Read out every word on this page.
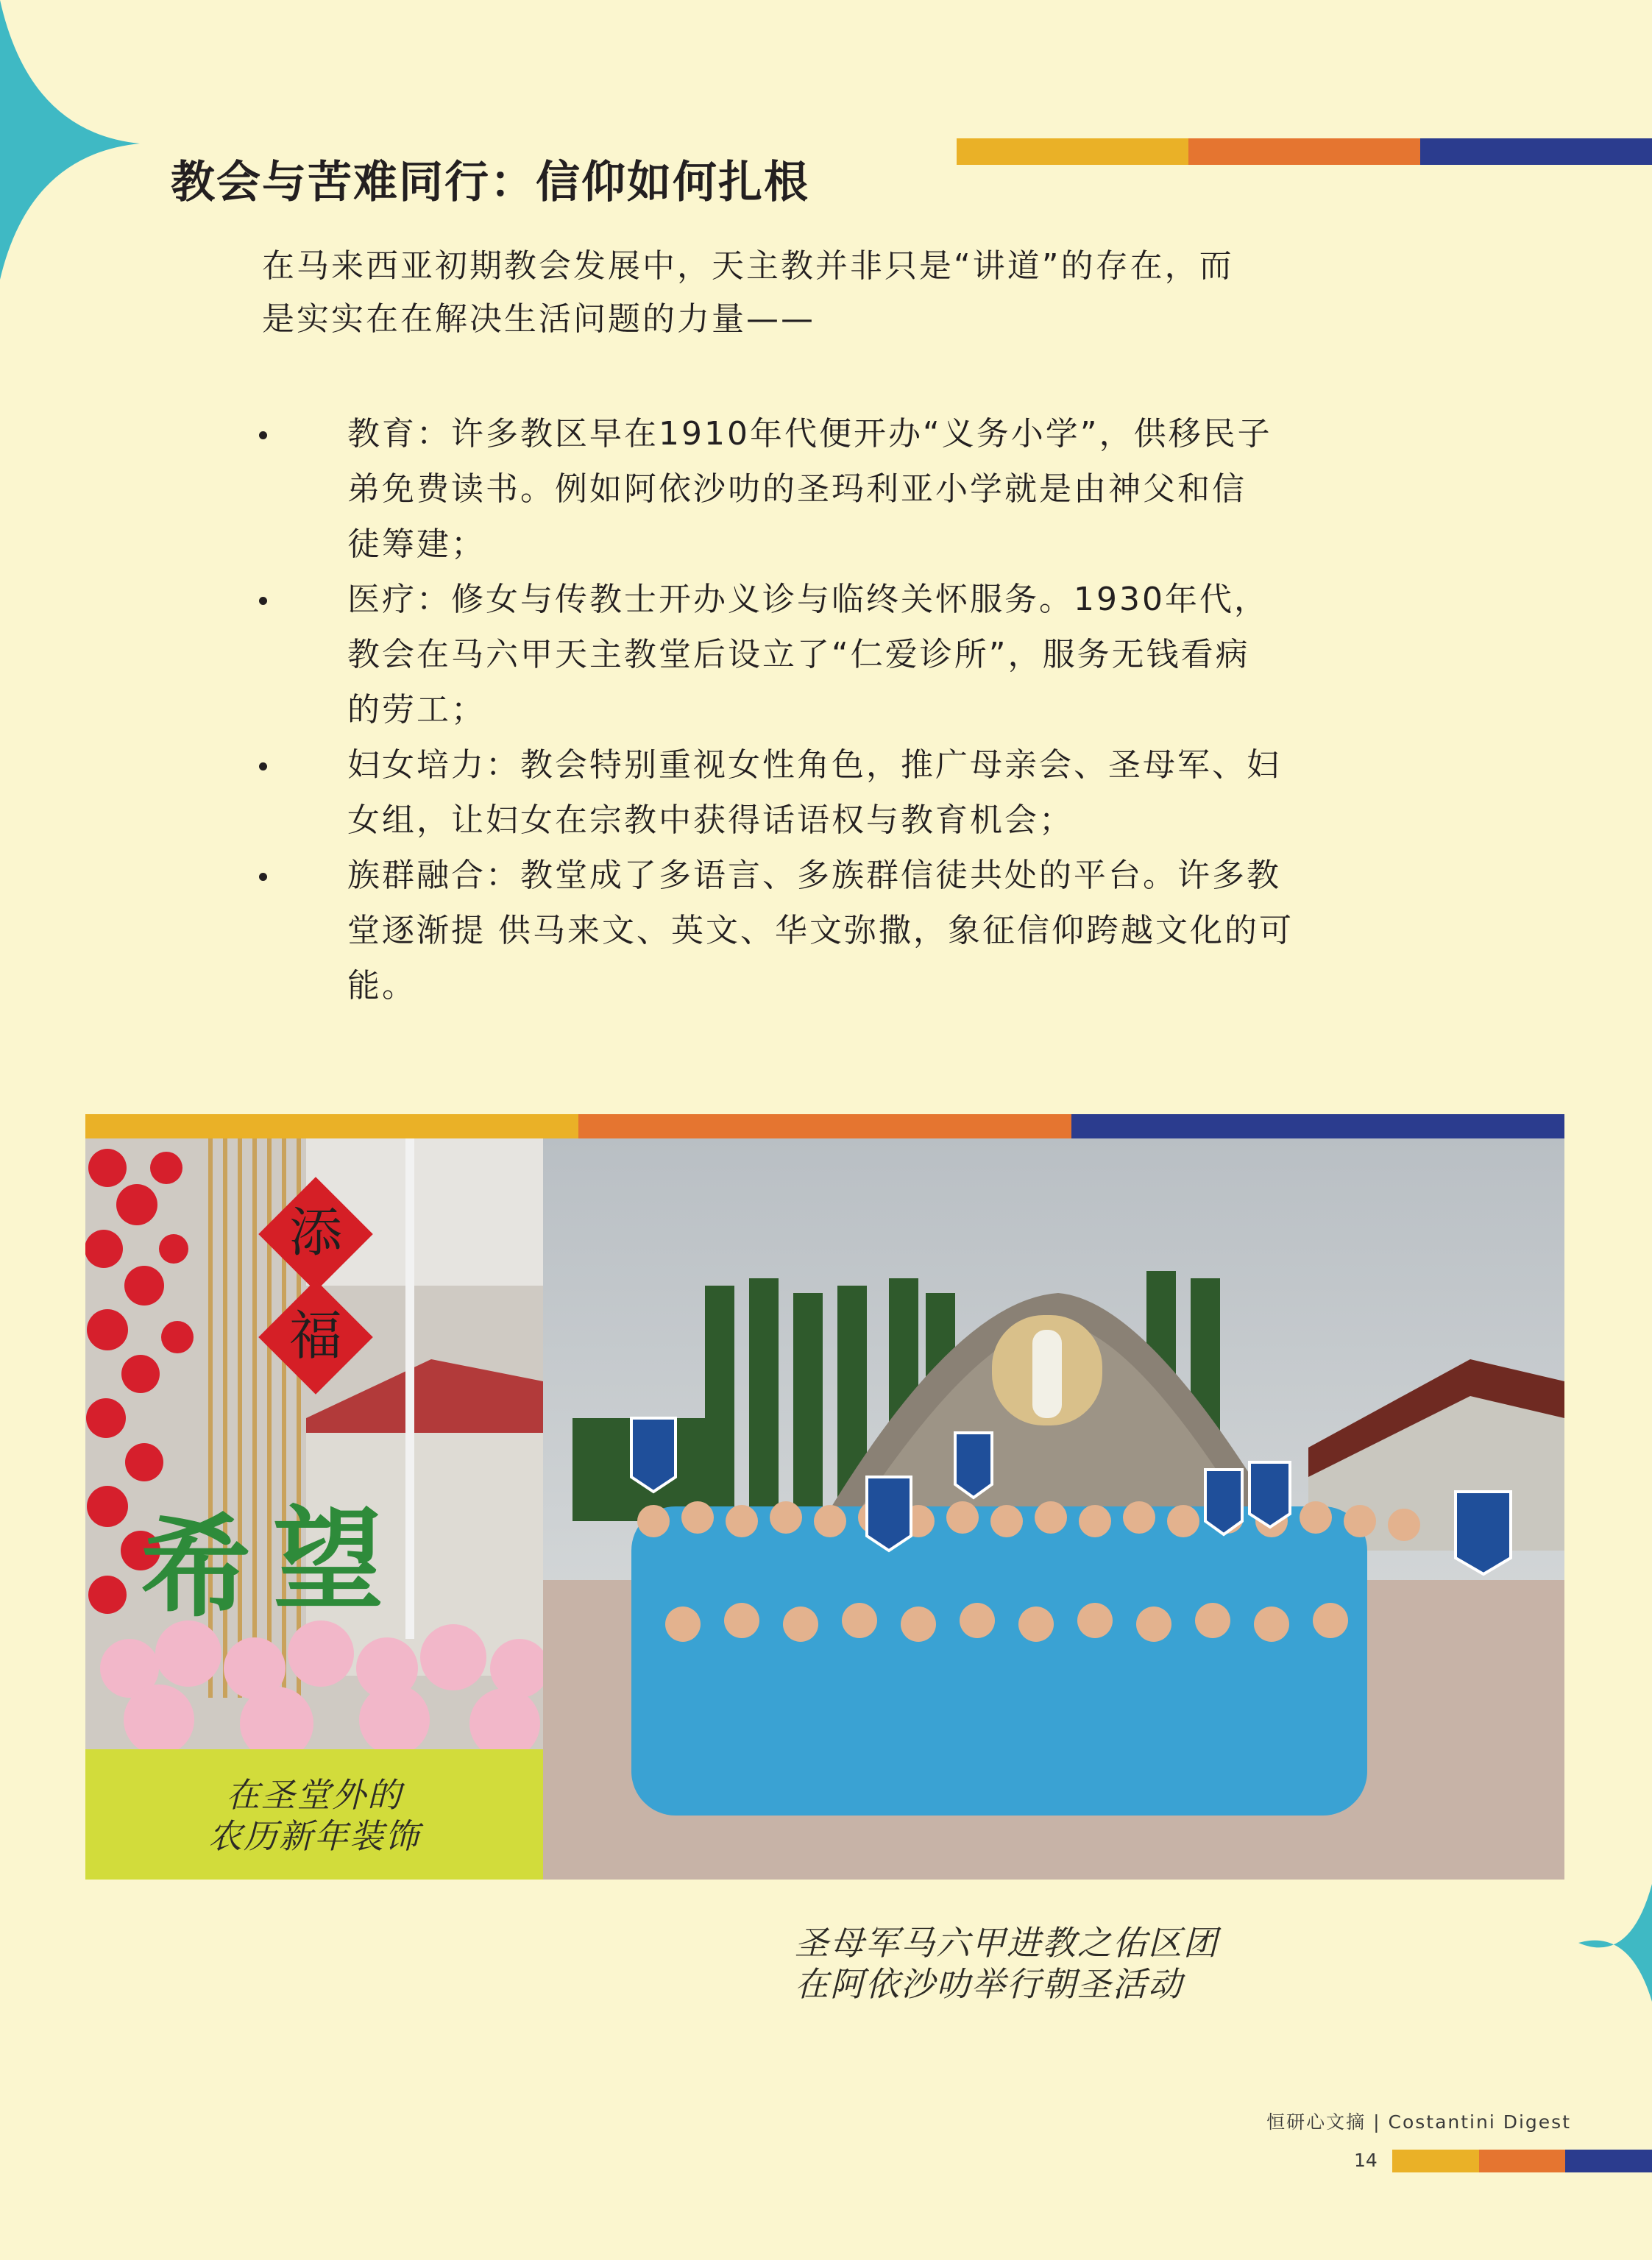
教会与苦难同行：信仰如何扎根
在马来西亚初期教会发展中，天主教并非只是“讲道”的存在，而
是实实在在解决生活问题的力量——
教育：许多教区早在1910年代便开办“义务小学”，供移民子
弟免费读书。例如阿依沙叻的圣玛利亚小学就是由神父和信
徒筹建；
医疗：修女与传教士开办义诊与临终关怀服务。1930年代，
教会在马六甲天主教堂后设立了“仁爱诊所”，服务无钱看病
的劳工；
妇女培力：教会特别重视女性角色，推广母亲会、圣母军、妇
女组，让妇女在宗教中获得话语权与教育机会；
族群融合：教堂成了多语言、多族群信徒共处的平台。许多教
堂逐渐提 供马来文、英文、华文弥撒，象征信仰跨越文化的可
能。
添
福
希 望
在圣堂外的
农历新年装饰
圣母军马六甲进教之佑区团
在阿依沙叻举行朝圣活动
恒研心文摘 | Costantini Digest
14
